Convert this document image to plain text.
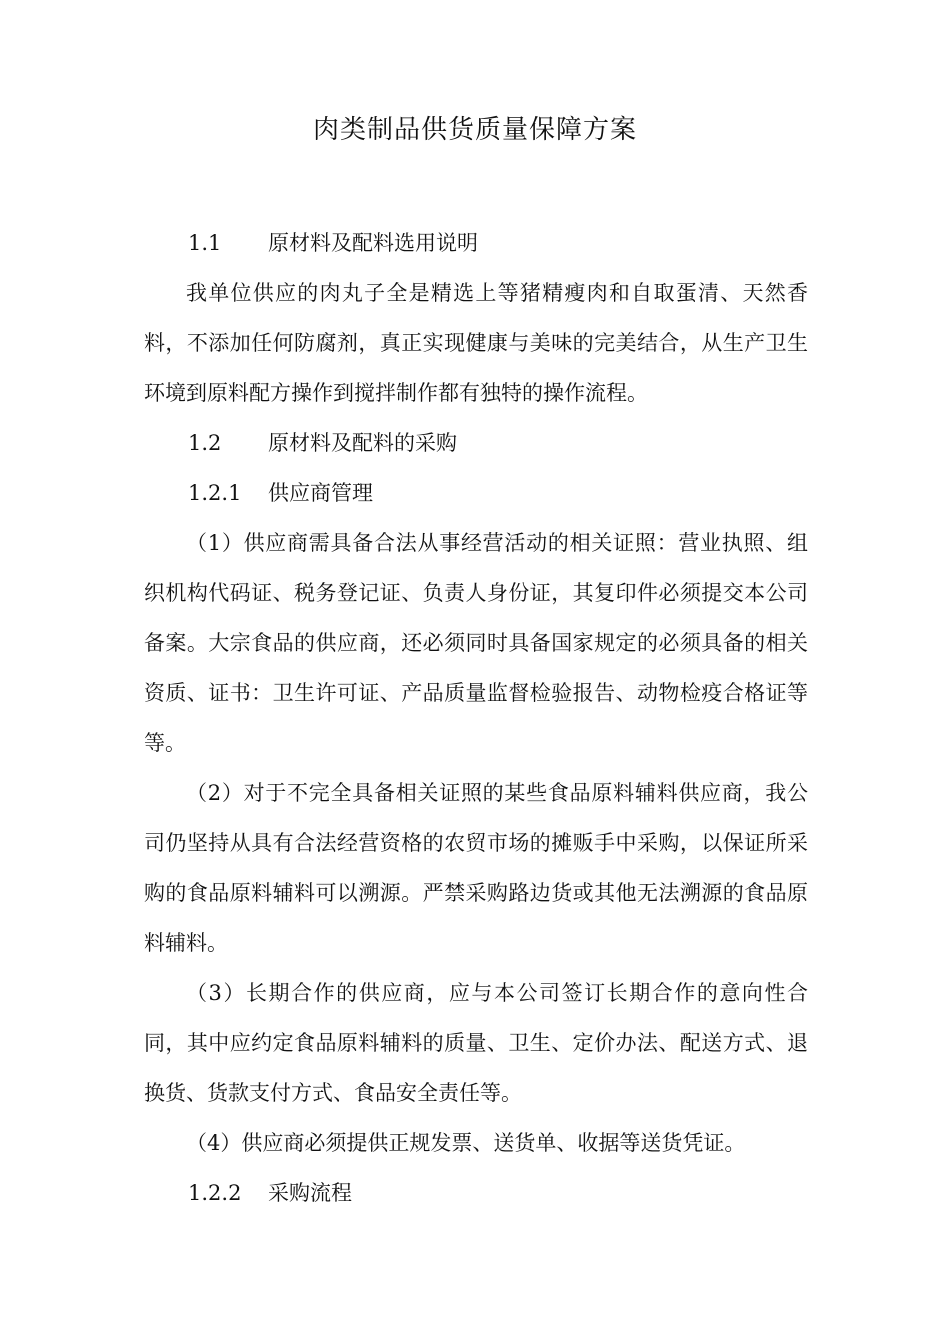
肉类制品供货质量保障方案

1.1 原材料及配料选用说明

我单位供应的肉丸子全是精选上等猪精瘦肉和自取蛋清、天然香料，不添加任何防腐剂，真正实现健康与美味的完美结合，从生产卫生环境到原料配方操作到搅拌制作都有独特的操作流程。

1.2 原材料及配料的采购

1.2.1 供应商管理

（1）供应商需具备合法从事经营活动的相关证照：营业执照、组织机构代码证、税务登记证、负责人身份证，其复印件必须提交本公司备案。大宗食品的供应商，还必须同时具备国家规定的必须具备的相关资质、证书：卫生许可证、产品质量监督检验报告、动物检疫合格证等等。

（2）对于不完全具备相关证照的某些食品原料辅料供应商，我公司仍坚持从具有合法经营资格的农贸市场的摊贩手中采购，以保证所采购的食品原料辅料可以溯源。严禁采购路边货或其他无法溯源的食品原料辅料。

（3）长期合作的供应商，应与本公司签订长期合作的意向性合同，其中应约定食品原料辅料的质量、卫生、定价办法、配送方式、退换货、货款支付方式、食品安全责任等。

（4）供应商必须提供正规发票、送货单、收据等送货凭证。

1.2.2 采购流程
